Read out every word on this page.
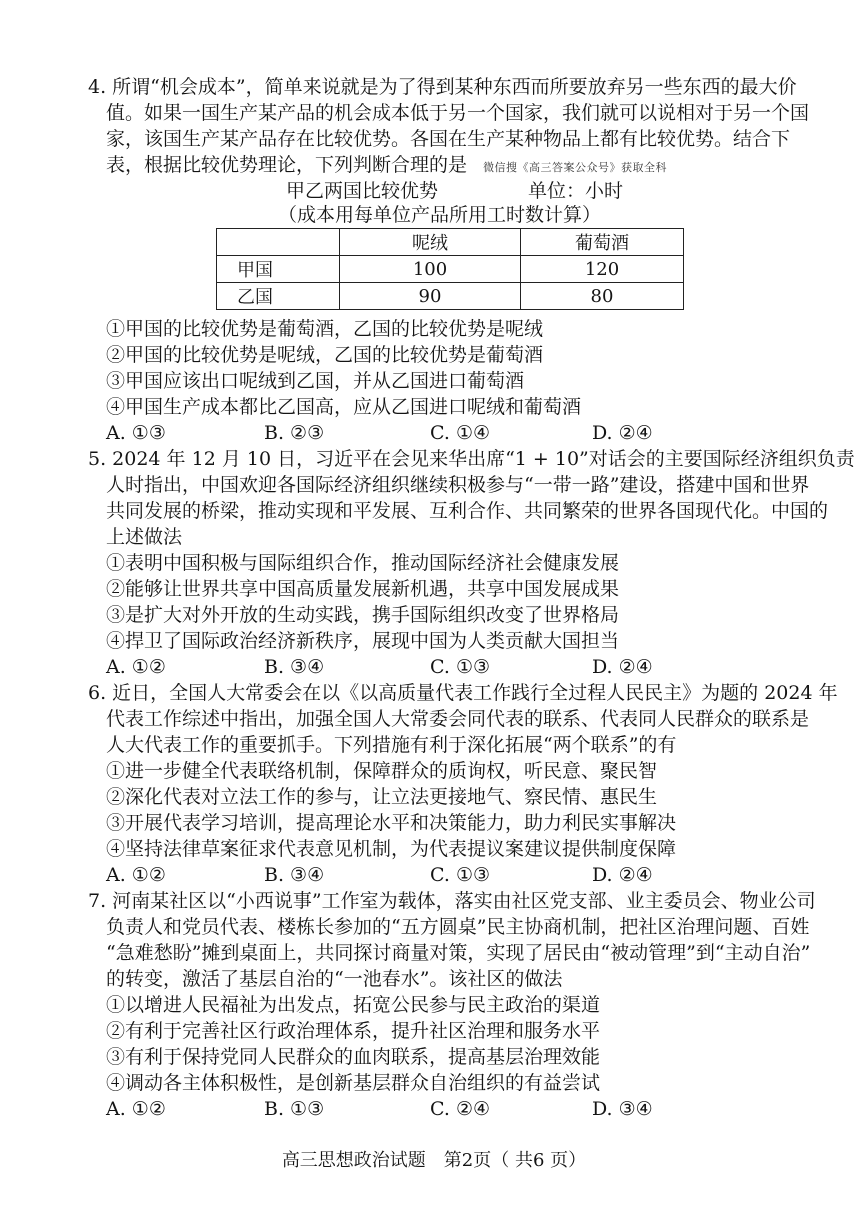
4. 所谓“机会成本”，简单来说就是为了得到某种东西而所要放弃另一些东西的最大价
值。如果一国生产某产品的机会成本低于另一个国家，我们就可以说相对于另一个国
家，该国生产某产品存在比较优势。各国在生产某种物品上都有比较优势。结合下
表，根据比较优势理论，下列判断合理的是 微信搜《高三答案公众号》获取全科
甲乙两国比较优势	单位：小时
（成本用每单位产品所用工时数计算）
	呢绒	葡萄酒
甲国	100	120
乙国	90	80
①甲国的比较优势是葡萄酒，乙国的比较优势是呢绒
②甲国的比较优势是呢绒，乙国的比较优势是葡萄酒
③甲国应该出口呢绒到乙国，并从乙国进口葡萄酒
④甲国生产成本都比乙国高，应从乙国进口呢绒和葡萄酒
A. ①③	B. ②③	C. ①④	D. ②④
5. 2024 年 12 月 10 日，习近平在会见来华出席“1 + 10”对话会的主要国际经济组织负责
人时指出，中国欢迎各国际经济组织继续积极参与“一带一路”建设，搭建中国和世界
共同发展的桥梁，推动实现和平发展、互利合作、共同繁荣的世界各国现代化。中国的
上述做法
①表明中国积极与国际组织合作，推动国际经济社会健康发展
②能够让世界共享中国高质量发展新机遇，共享中国发展成果
③是扩大对外开放的生动实践，携手国际组织改变了世界格局
④捍卫了国际政治经济新秩序，展现中国为人类贡献大国担当
A. ①②	B. ③④	C. ①③	D. ②④
6. 近日，全国人大常委会在以《以高质量代表工作践行全过程人民民主》为题的 2024 年
代表工作综述中指出，加强全国人大常委会同代表的联系、代表同人民群众的联系是
人大代表工作的重要抓手。下列措施有利于深化拓展“两个联系”的有
①进一步健全代表联络机制，保障群众的质询权，听民意、聚民智
②深化代表对立法工作的参与，让立法更接地气、察民情、惠民生
③开展代表学习培训，提高理论水平和决策能力，助力利民实事解决
④坚持法律草案征求代表意见机制，为代表提议案建议提供制度保障
A. ①②	B. ③④	C. ①③	D. ②④
7. 河南某社区以“小西说事”工作室为载体，落实由社区党支部、业主委员会、物业公司
负责人和党员代表、楼栋长参加的“五方圆桌”民主协商机制，把社区治理问题、百姓
“急难愁盼”摊到桌面上，共同探讨商量对策，实现了居民由“被动管理”到“主动自治”
的转变，激活了基层自治的“一池春水”。该社区的做法
①以增进人民福祉为出发点，拓宽公民参与民主政治的渠道
②有利于完善社区行政治理体系，提升社区治理和服务水平
③有利于保持党同人民群众的血肉联系，提高基层治理效能
④调动各主体积极性，是创新基层群众自治组织的有益尝试
A. ①②	B. ①③	C. ②④	D. ③④
高三思想政治试题　第2页（ 共6 页）
